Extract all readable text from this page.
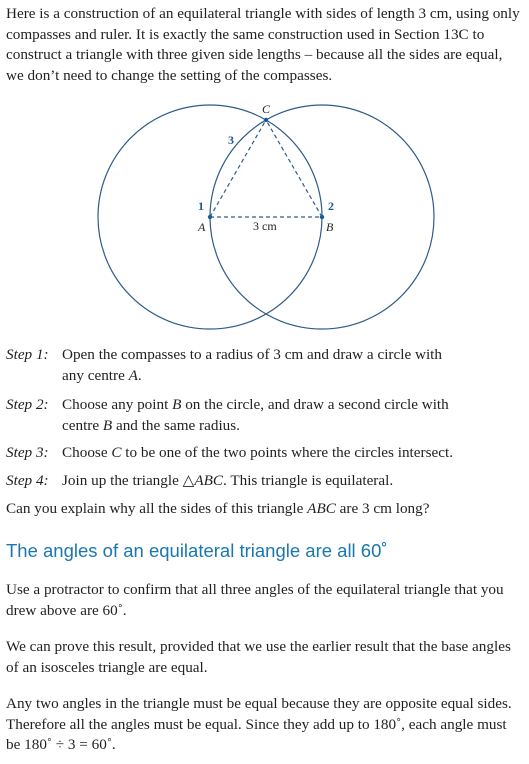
Here is a construction of an equilateral triangle with sides of length 3 cm, using only compasses and ruler. It is exactly the same construction used in Section 13C to construct a triangle with three given side lengths – because all the sides are equal, we don’t need to change the setting of the compasses.

C
A	B
1	2
3
3 cm
Step 1: Open the compasses to a radius of 3 cm and draw a circle with
any centre A.
Step 2: Choose any point B on the circle, and draw a second circle with
centre B and the same radius.
Step 3: Choose C to be one of the two points where the circles intersect.
Step 4: Join up the triangle △ABC. This triangle is equilateral.
Can you explain why all the sides of this triangle ABC are 3 cm long?
The angles of an equilateral triangle are all 60˚

Use a protractor to confirm that all three angles of the equilateral triangle that you drew above are 60˚.

We can prove this result, provided that we use the earlier result that the base angles of an isosceles triangle are equal.

Any two angles in the triangle must be equal because they are opposite equal sides. Therefore all the angles must be equal. Since they add up to 180˚, each angle must be 180˚ ÷ 3 = 60˚.
